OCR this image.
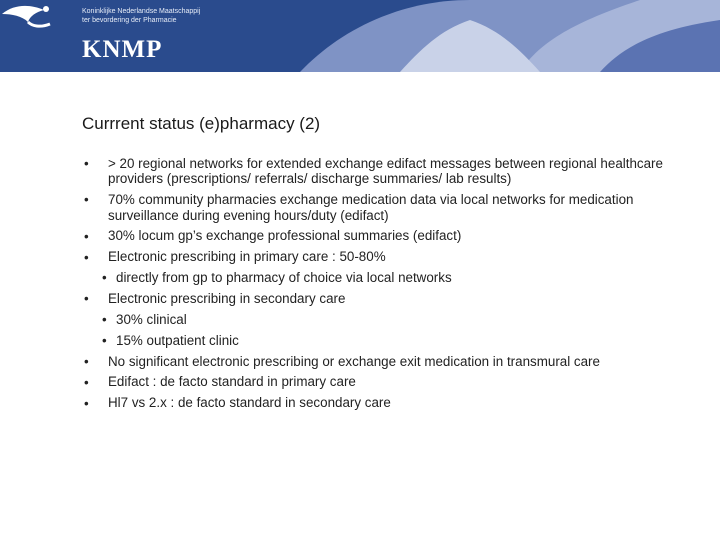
Koninklijke Nederlandse Maatschappij
ter bevordering der Pharmacie
KNMP
Currrent status (e)pharmacy (2)
• > 20 regional networks for extended exchange edifact messages between regional healthcare providers (prescriptions/ referrals/ discharge summaries/ lab results)
• 70% community pharmacies exchange medication data via local networks for medication surveillance during evening hours/duty (edifact)
• 30% locum gp’s exchange professional summaries (edifact)
• Electronic prescribing in primary care : 50-80%
• directly from gp to pharmacy of choice via local networks
• Electronic prescribing in secondary care
• 30% clinical
• 15% outpatient clinic
• No significant electronic prescribing or exchange exit medication in transmural care
• Edifact : de facto standard in primary care
• Hl7 vs 2.x : de facto standard in secondary care
